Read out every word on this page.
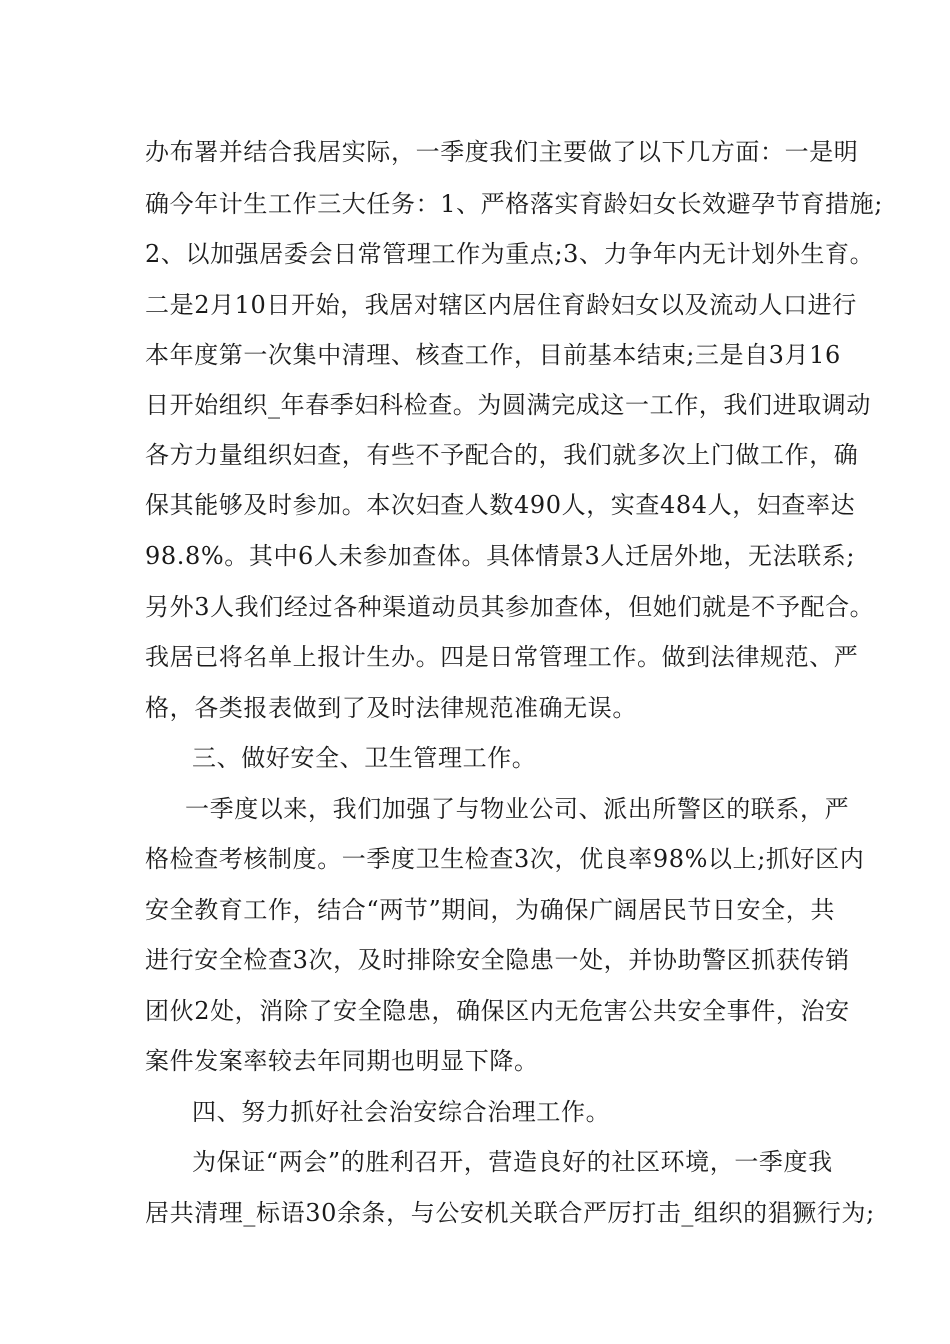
办布署并结合我居实际，一季度我们主要做了以下几方面：一是明
确今年计生工作三大任务：1、严格落实育龄妇女长效避孕节育措施;
2、以加强居委会日常管理工作为重点;3、力争年内无计划外生育。
二是2月10日开始，我居对辖区内居住育龄妇女以及流动人口进行
本年度第一次集中清理、核查工作，目前基本结束;三是自3月16
日开始组织_年春季妇科检查。为圆满完成这一工作，我们进取调动
各方力量组织妇查，有些不予配合的，我们就多次上门做工作，确
保其能够及时参加。本次妇查人数490人，实查484人，妇查率达
98.8%。其中6人未参加查体。具体情景3人迁居外地，无法联系;
另外3人我们经过各种渠道动员其参加查体，但她们就是不予配合。
我居已将名单上报计生办。四是日常管理工作。做到法律规范、严
格，各类报表做到了及时法律规范准确无误。
三、做好安全、卫生管理工作。
一季度以来，我们加强了与物业公司、派出所警区的联系，严
格检查考核制度。一季度卫生检查3次，优良率98%以上;抓好区内
安全教育工作，结合“两节”期间，为确保广阔居民节日安全，共
进行安全检查3次，及时排除安全隐患一处，并协助警区抓获传销
团伙2处，消除了安全隐患，确保区内无危害公共安全事件，治安
案件发案率较去年同期也明显下降。
四、努力抓好社会治安综合治理工作。
为保证“两会”的胜利召开，营造良好的社区环境，一季度我
居共清理_标语30余条，与公安机关联合严厉打击_组织的猖獗行为;
